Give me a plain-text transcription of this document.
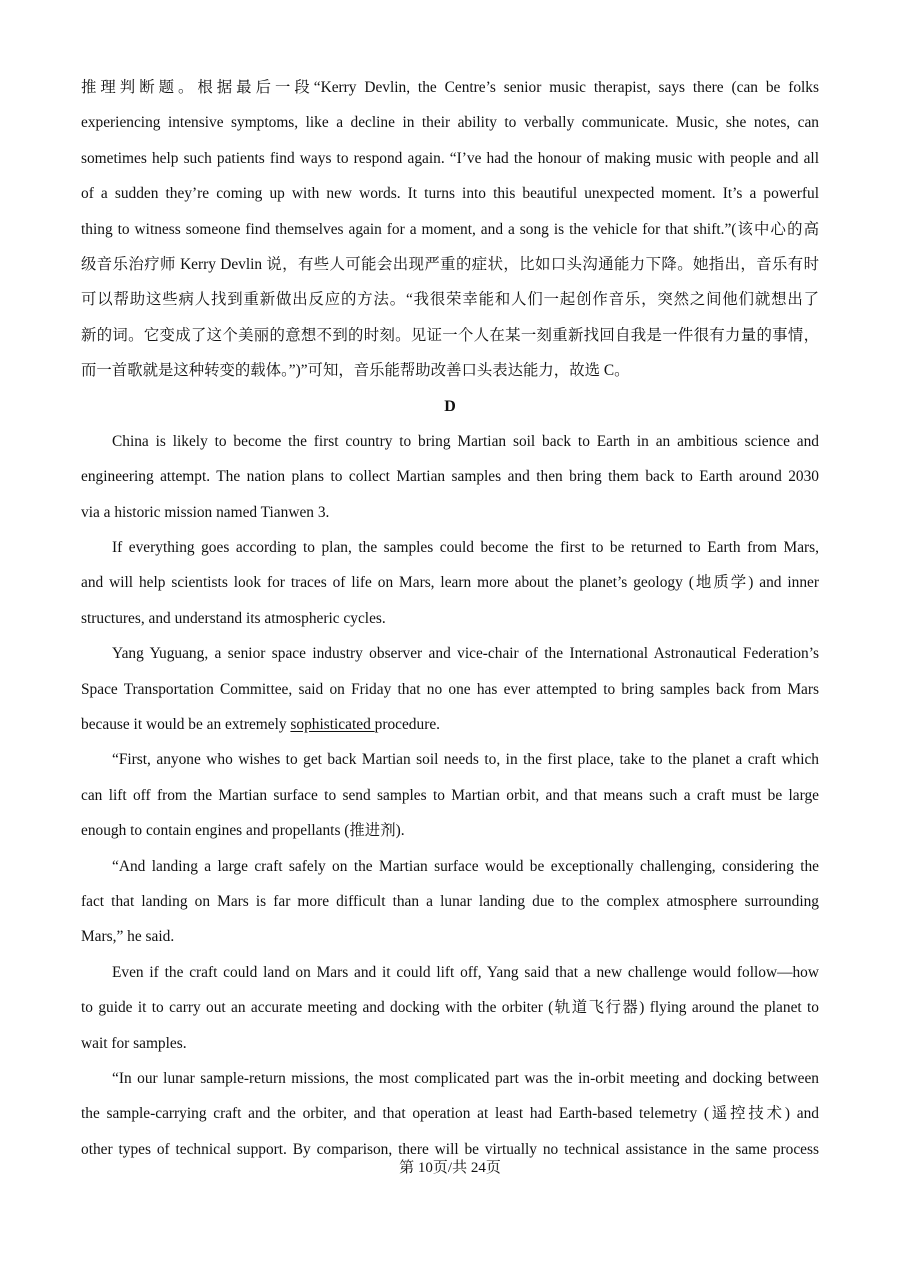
推理判断题。根据最后一段“Kerry Devlin, the Centre’s senior music therapist, says there (can be folks
experiencing intensive symptoms, like a decline in their ability to verbally communicate. Music, she notes, can
sometimes help such patients find ways to respond again. “I’ve had the honour of making music with people and all
of a sudden they’re coming up with new words. It turns into this beautiful unexpected moment. It’s a powerful
thing to witness someone find themselves again for a moment, and a song is the vehicle for that shift.”(该中心的高
级音乐治疗师 Kerry Devlin 说，有些人可能会出现严重的症状，比如口头沟通能力下降。她指出，音乐有时
可以帮助这些病人找到重新做出反应的方法。“我很荣幸能和人们一起创作音乐，突然之间他们就想出了
新的词。它变成了这个美丽的意想不到的时刻。见证一个人在某一刻重新找回自我是一件很有力量的事情，
而一首歌就是这种转变的载体。”)”可知，音乐能帮助改善口头表达能力，故选 C。
D
China is likely to become the first country to bring Martian soil back to Earth in an ambitious science and
engineering attempt. The nation plans to collect Martian samples and then bring them back to Earth around 2030
via a historic mission named Tianwen 3.
If everything goes according to plan, the samples could become the first to be returned to Earth from Mars,
and will help scientists look for traces of life on Mars, learn more about the planet’s geology (地质学) and inner
structures, and understand its atmospheric cycles.
Yang Yuguang, a senior space industry observer and vice-chair of the International Astronautical Federation’s
Space Transportation Committee, said on Friday that no one has ever attempted to bring samples back from Mars
because it would be an extremely sophisticated procedure.
“First, anyone who wishes to get back Martian soil needs to, in the first place, take to the planet a craft which
can lift off from the Martian surface to send samples to Martian orbit, and that means such a craft must be large
enough to contain engines and propellants (推进剂).
“And landing a large craft safely on the Martian surface would be exceptionally challenging, considering the
fact that landing on Mars is far more difficult than a lunar landing due to the complex atmosphere surrounding
Mars,” he said.
Even if the craft could land on Mars and it could lift off, Yang said that a new challenge would follow—how
to guide it to carry out an accurate meeting and docking with the orbiter (轨道飞行器) flying around the planet to
wait for samples.
“In our lunar sample-return missions, the most complicated part was the in-orbit meeting and docking between
the sample-carrying craft and the orbiter, and that operation at least had Earth-based telemetry (遥控技术) and
other types of technical support. By comparison, there will be virtually no technical assistance in the same process
第 10页/共 24页
